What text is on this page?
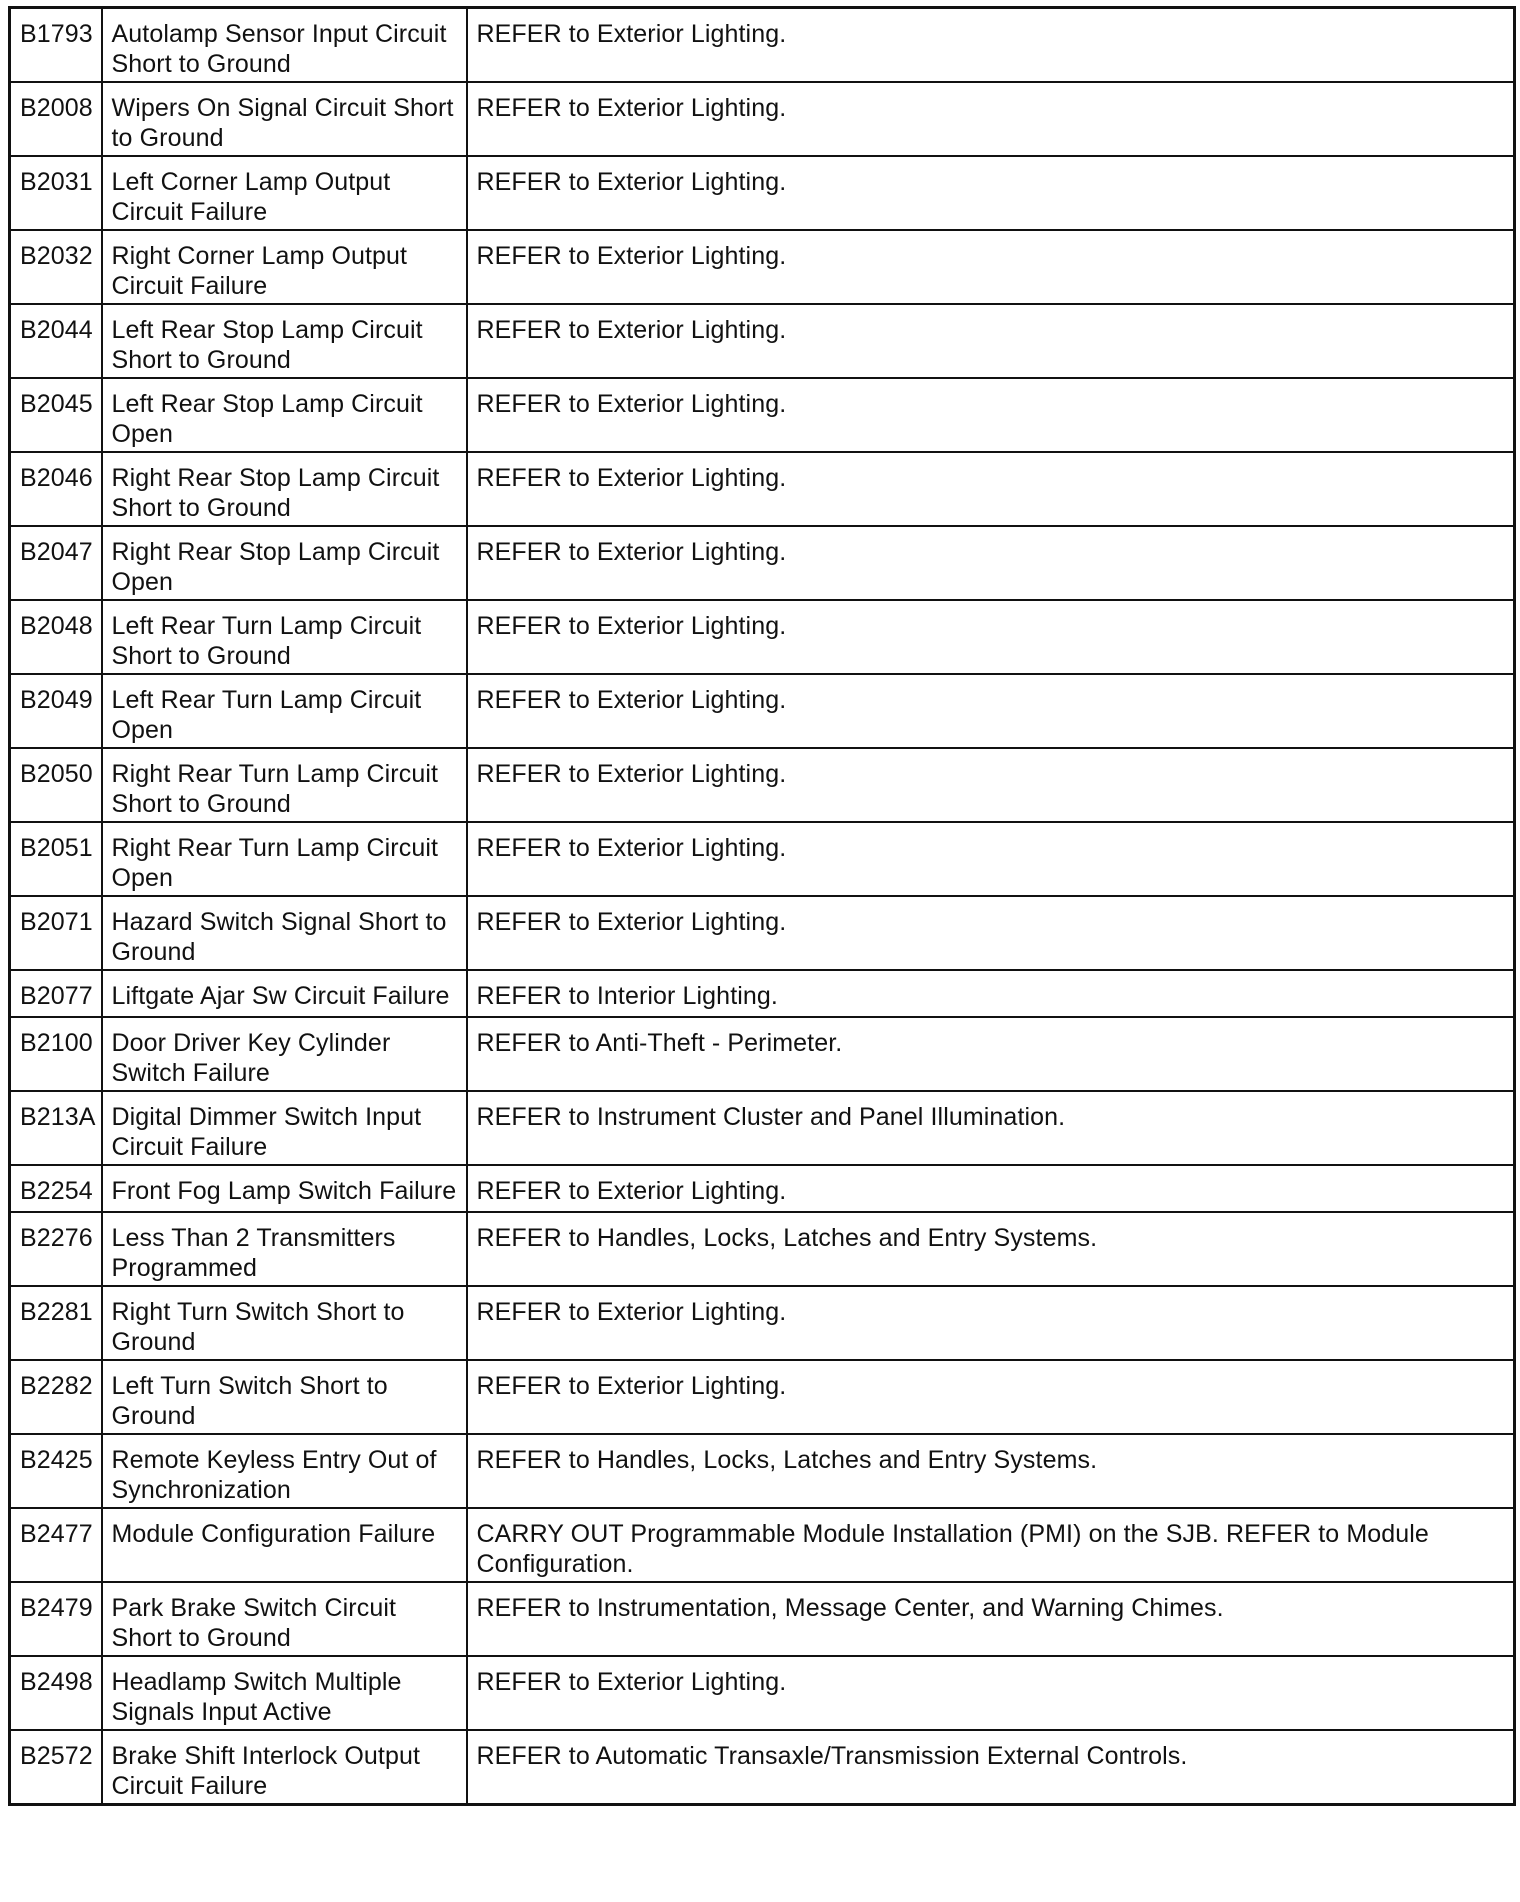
B1793	Autolamp Sensor Input Circuit Short to Ground	REFER to Exterior Lighting.
B2008	Wipers On Signal Circuit Short to Ground	REFER to Exterior Lighting.
B2031	Left Corner Lamp Output Circuit Failure	REFER to Exterior Lighting.
B2032	Right Corner Lamp Output Circuit Failure	REFER to Exterior Lighting.
B2044	Left Rear Stop Lamp Circuit Short to Ground	REFER to Exterior Lighting.
B2045	Left Rear Stop Lamp Circuit Open	REFER to Exterior Lighting.
B2046	Right Rear Stop Lamp Circuit Short to Ground	REFER to Exterior Lighting.
B2047	Right Rear Stop Lamp Circuit Open	REFER to Exterior Lighting.
B2048	Left Rear Turn Lamp Circuit Short to Ground	REFER to Exterior Lighting.
B2049	Left Rear Turn Lamp Circuit Open	REFER to Exterior Lighting.
B2050	Right Rear Turn Lamp Circuit Short to Ground	REFER to Exterior Lighting.
B2051	Right Rear Turn Lamp Circuit Open	REFER to Exterior Lighting.
B2071	Hazard Switch Signal Short to Ground	REFER to Exterior Lighting.
B2077	Liftgate Ajar Sw Circuit Failure	REFER to Interior Lighting.
B2100	Door Driver Key Cylinder Switch Failure	REFER to Anti-Theft - Perimeter.
B213A	Digital Dimmer Switch Input Circuit Failure	REFER to Instrument Cluster and Panel Illumination.
B2254	Front Fog Lamp Switch Failure	REFER to Exterior Lighting.
B2276	Less Than 2 Transmitters Programmed	REFER to Handles, Locks, Latches and Entry Systems.
B2281	Right Turn Switch Short to Ground	REFER to Exterior Lighting.
B2282	Left Turn Switch Short to Ground	REFER to Exterior Lighting.
B2425	Remote Keyless Entry Out of Synchronization	REFER to Handles, Locks, Latches and Entry Systems.
B2477	Module Configuration Failure	CARRY OUT Programmable Module Installation (PMI) on the SJB. REFER to Module Configuration.
B2479	Park Brake Switch Circuit Short to Ground	REFER to Instrumentation, Message Center, and Warning Chimes.
B2498	Headlamp Switch Multiple Signals Input Active	REFER to Exterior Lighting.
B2572	Brake Shift Interlock Output Circuit Failure	REFER to Automatic Transaxle/Transmission External Controls.
